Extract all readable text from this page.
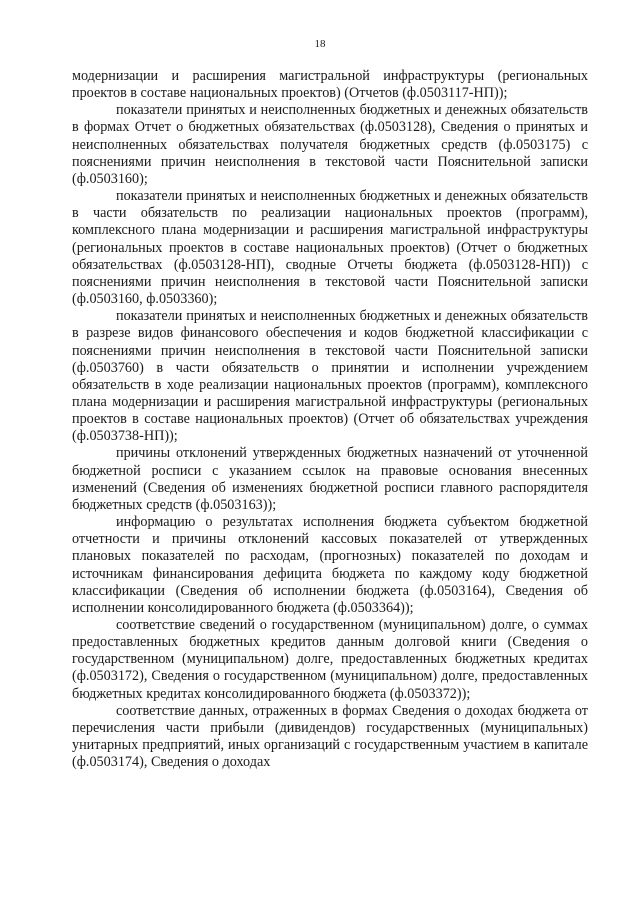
18

модернизации и расширения магистральной инфраструктуры (региональных проектов в составе национальных проектов) (Отчетов (ф.0503117-НП));

показатели принятых и неисполненных бюджетных и денежных обязательств в формах Отчет о бюджетных обязательствах (ф.0503128), Сведения о принятых и неисполненных обязательствах получателя бюджетных средств (ф.0503175) с пояснениями причин неисполнения в текстовой части Пояснительной записки (ф.0503160);

показатели принятых и неисполненных бюджетных и денежных обязательств в части обязательств по реализации национальных проектов (программ), комплексного плана модернизации и расширения магистральной инфраструктуры (региональных проектов в составе национальных проектов) (Отчет о бюджетных обязательствах (ф.0503128-НП), сводные Отчеты бюджета (ф.0503128-НП)) с пояснениями причин неисполнения в текстовой части Пояснительной записки (ф.0503160, ф.0503360);

показатели принятых и неисполненных бюджетных и денежных обязательств в разрезе видов финансового обеспечения и кодов бюджетной классификации с пояснениями причин неисполнения в текстовой части Пояснительной записки (ф.0503760) в части обязательств о принятии и исполнении учреждением обязательств в ходе реализации национальных проектов (программ), комплексного плана модернизации и расширения магистральной инфраструктуры (региональных проектов в составе национальных проектов) (Отчет об обязательствах учреждения (ф.0503738-НП));

причины отклонений утвержденных бюджетных назначений от уточненной бюджетной росписи с указанием ссылок на правовые основания внесенных изменений (Сведения об изменениях бюджетной росписи главного распорядителя бюджетных средств (ф.0503163));

информацию о результатах исполнения бюджета субъектом бюджетной отчетности и причины отклонений кассовых показателей от утвержденных плановых показателей по расходам, (прогнозных) показателей по доходам и источникам финансирования дефицита бюджета по каждому коду бюджетной классификации (Сведения об исполнении бюджета (ф.0503164), Сведения об исполнении консолидированного бюджета (ф.0503364));

соответствие сведений о государственном (муниципальном) долге, о суммах предоставленных бюджетных кредитов данным долговой книги (Сведения о государственном (муниципальном) долге, предоставленных бюджетных кредитах (ф.0503172), Сведения о государственном (муниципальном) долге, предоставленных бюджетных кредитах консолидированного бюджета (ф.0503372));

соответствие данных, отраженных в формах Сведения о доходах бюджета от перечисления части прибыли (дивидендов) государственных (муниципальных) унитарных предприятий, иных организаций с государственным участием в капитале (ф.0503174), Сведения о доходах
